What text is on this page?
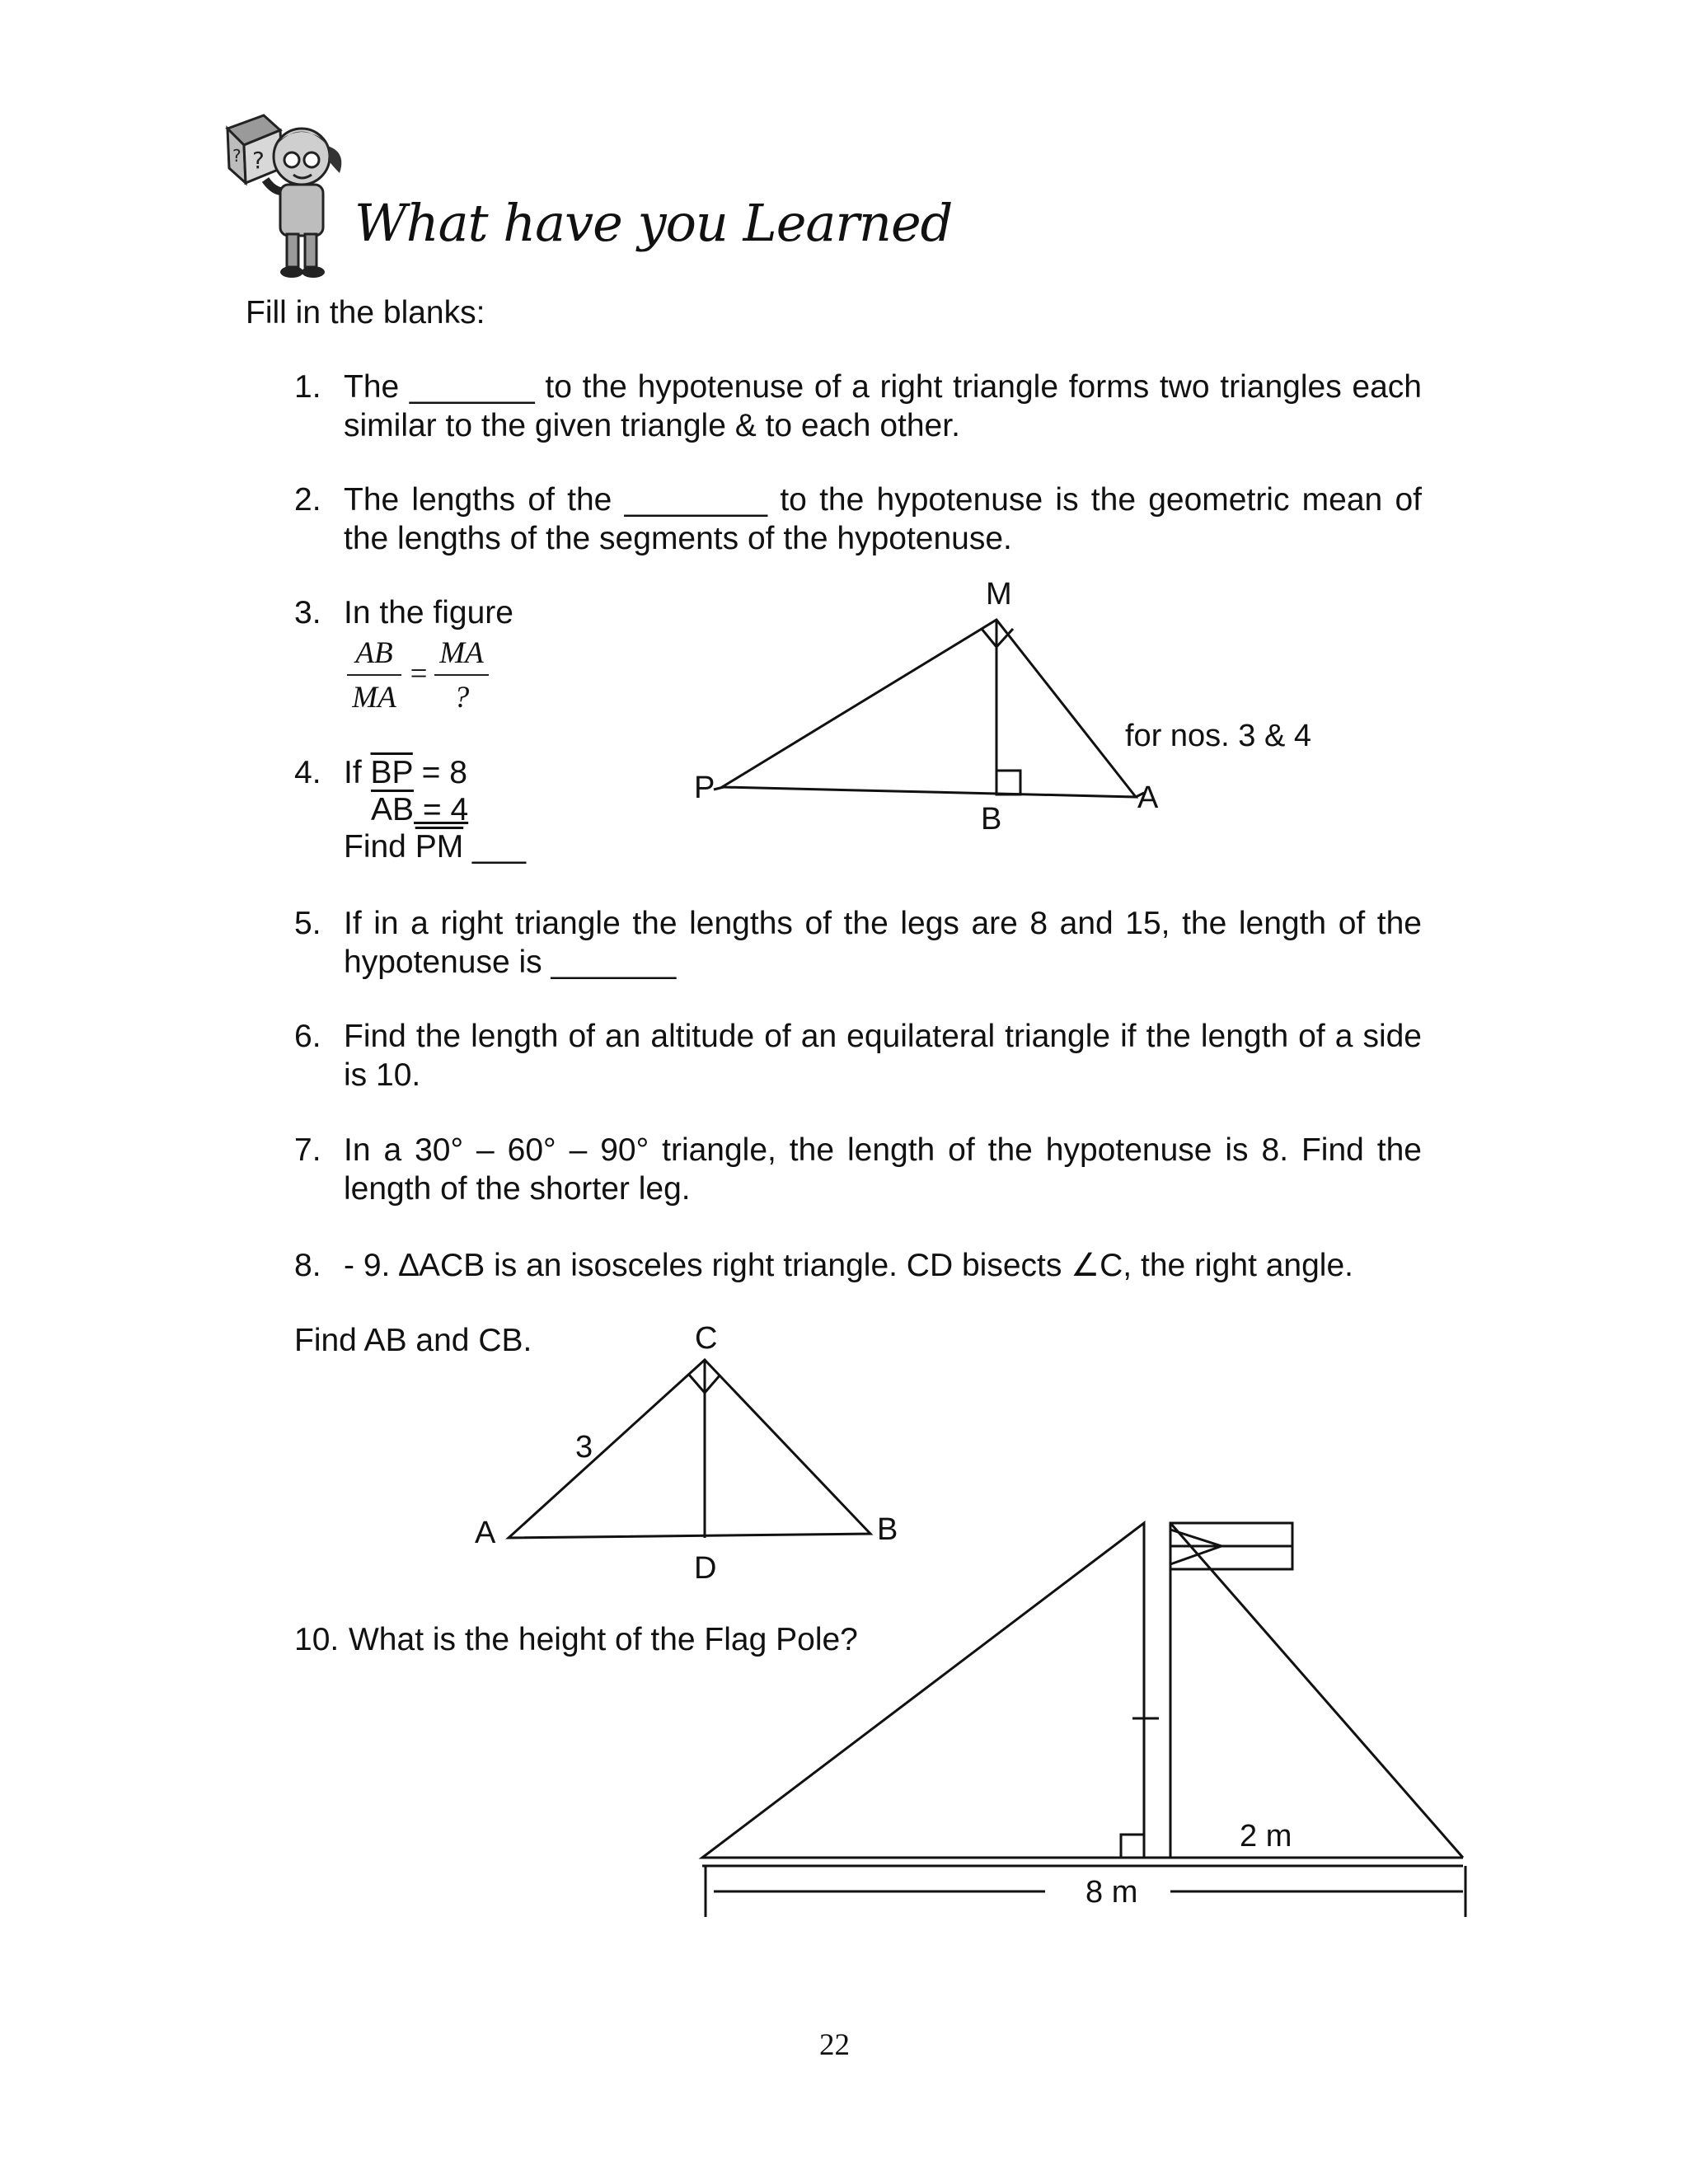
?
?
What have you Learned
Fill in the blanks:
1. The _______ to the hypotenuse of a right triangle forms two triangles each similar to the given triangle & to each other.
2. The lengths of the ________ to the hypotenuse is the geometric mean of the lengths of the segments of the hypotenuse.
3. In the figure
$\frac{AB}{MA}$ =
MA
?
4. If $\overline{BP} = 8$
$\overline{AB} = 4$
Find $\overline{PM}$ ___
5. If in a right triangle the lengths of the legs are 8 and 15, the length of the hypotenuse is _______
6. Find the length of an altitude of an equilateral triangle if the length of a side is 10.
7. In a 30° – 60° – 90° triangle, the length of the hypotenuse is 8. Find the length of the shorter leg.
8. - 9. ∆ACB is an isosceles right triangle. CD bisects ∠C, the right angle.
Find AB and CB.
10. What is the height of the Flag Pole?
M
P	A
B
for nos. 3 & 4
C
A	B
D
3
2 m
8 m
22
